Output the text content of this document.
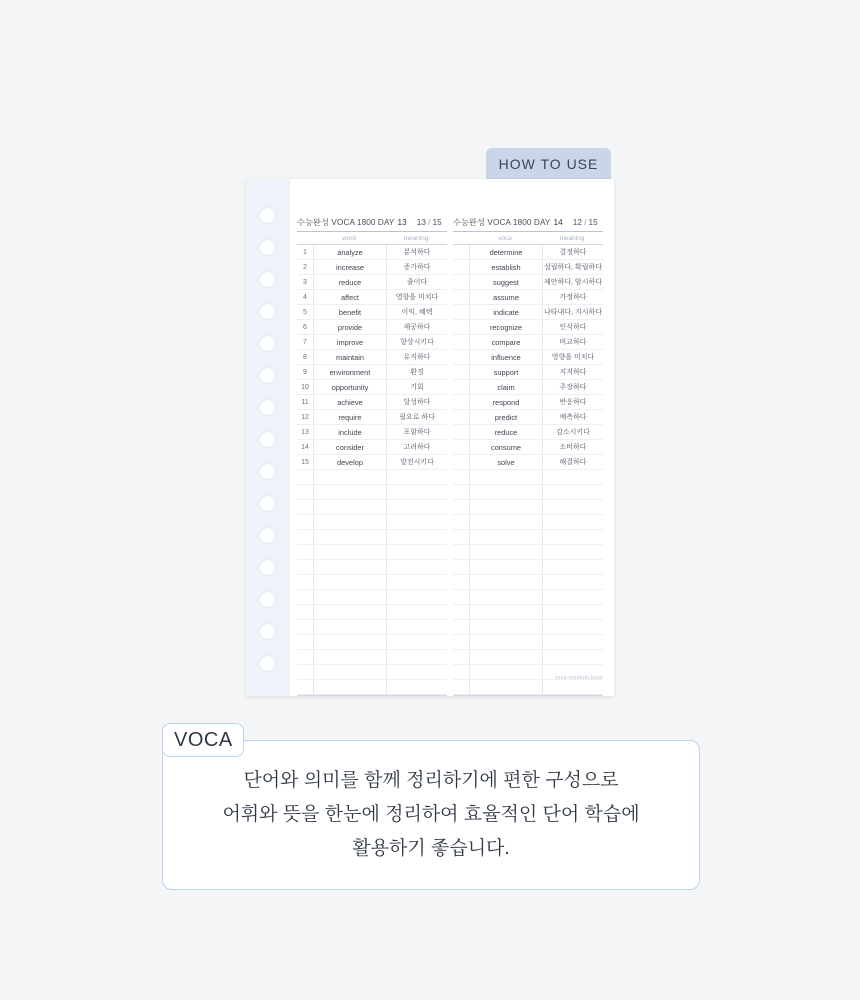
HOW TO USE
수능완성 VOCA 1800 DAY 13 13 / 15
word	meaning
1	analyze	분석하다
2	increase	증가하다
3	reduce	줄이다
4	affect	영향을 미치다
5	benefit	이익, 혜택
6	provide	제공하다
7	improve	향상시키다
8	maintain	유지하다
9	environment	환경
10	opportunity	기회
11	achieve	달성하다
12	require	필요로 하다
13	include	포함하다
14	consider	고려하다
15	develop	발전시키다
수능완성 VOCA 1800 DAY 14 12 / 15
voca	meaning
determine	결정하다
establish	설립하다, 확립하다
suggest	제안하다, 암시하다
assume	가정하다
indicate	나타내다, 지시하다
recognize	인식하다
compare	비교하다
influence	영향을 미치다
support	지지하다
claim	주장하다
respond	반응하다
predict	예측하다
reduce	감소시키다
consume	소비하다
solve	해결하다
voca-medium.local
단어와 의미를 함께 정리하기에 편한 구성으로
어휘와 뜻을 한눈에 정리하여 효율적인 단어 학습에
활용하기 좋습니다.
VOCA
